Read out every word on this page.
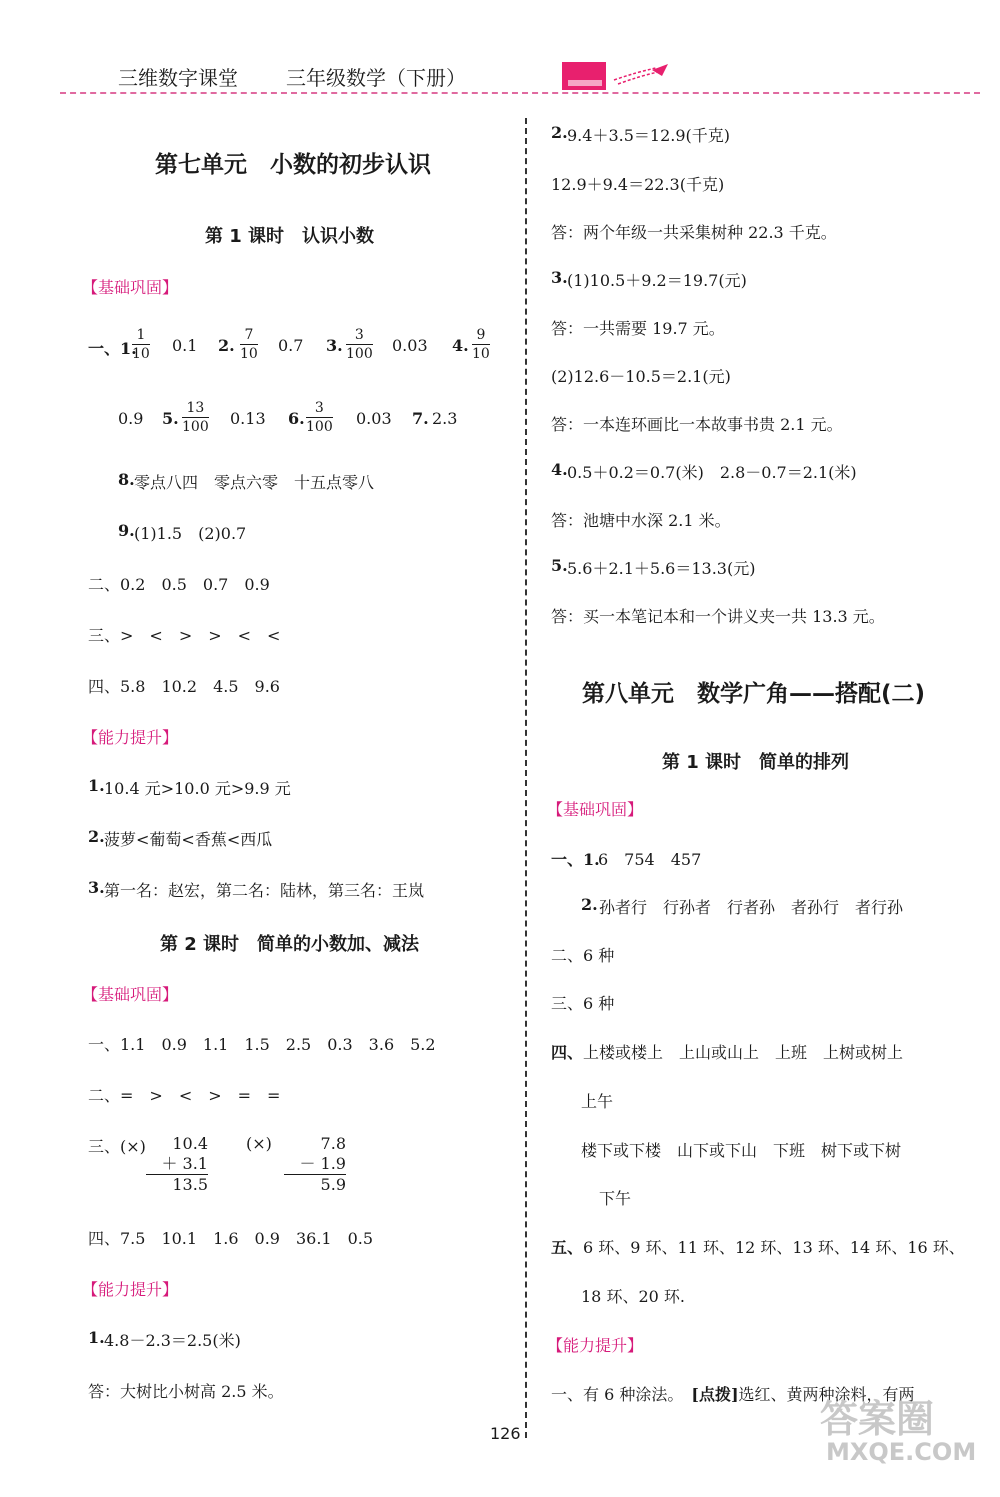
三维数字课堂 三年级数学（下册）
第七单元　小数的初步认识
第 1 课时　认识小数
【基础巩固】
一、1.
$\frac{1}{10} 0.1$ 2. $\frac{7}{10} 0.7$ 3. $\frac{3}{100} 0.03$ 4. $\frac{9}{10}$
0.9 5. $\frac{13}{100} 0.13$ 6. $\frac{3}{100} 0.03$ 7. 2.3
8. 零点八四　零点六零　十五点零八
9. (1)1.5　(2)0.7
二、0.2　0.5　0.7　0.9
三、>　<　>　>　<　<
四、5.8　10.2　4.5　9.6
【能力提升】
1. 10.4 元>10.0 元>9.9 元
2. 菠萝<葡萄<香蕉<西瓜
3. 第一名：赵宏，第二名：陆林，第三名：王岚
第 2 课时　简单的小数加、减法
【基础巩固】
一、1.1　0.9　1.1　1.5　2.5　0.3　3.6　5.2
二、=　>　<　>　=　=
三、(×)	10.4
＋ 3.1
13.5
(×)	7.8
－ 1.9
5.9
四、7.5　10.1　1.6　0.9　36.1　0.5
【能力提升】
1. 4.8－2.3＝2.5(米)
答：大树比小树高 2.5 米。
2. 9.4＋3.5＝12.9(千克)
12.9＋9.4＝22.3(千克)
答：两个年级一共采集树种 22.3 千克。
3. (1)10.5＋9.2＝19.7(元)
答：一共需要 19.7 元。
(2)12.6－10.5＝2.1(元)
答：一本连环画比一本故事书贵 2.1 元。
4. 0.5＋0.2＝0.7(米)　2.8－0.7＝2.1(米)
答：池塘中水深 2.1 米。
5. 5.6＋2.1＋5.6＝13.3(元)
答：买一本笔记本和一个讲义夹一共 13.3 元。
第八单元　数学广角——搭配(二)
第 1 课时　简单的排列
【基础巩固】
一、1.
6　754　457
2. 孙者行　行孙者　行者孙　者孙行　者行孙
二、6 种
三、6 种
四、 上楼或楼上　上山或山上　上班　上树或树上
上午
楼下或下楼　山下或下山　下班　树下或下树
下午
五、 6 环、9 环、11 环、12 环、13 环、14 环、16 环、
18 环、20 环.
【能力提升】
一、有 6 种涂法。　 [点拨]选红、黄两种涂料，有两
126	答案圈
MXQE.COM
